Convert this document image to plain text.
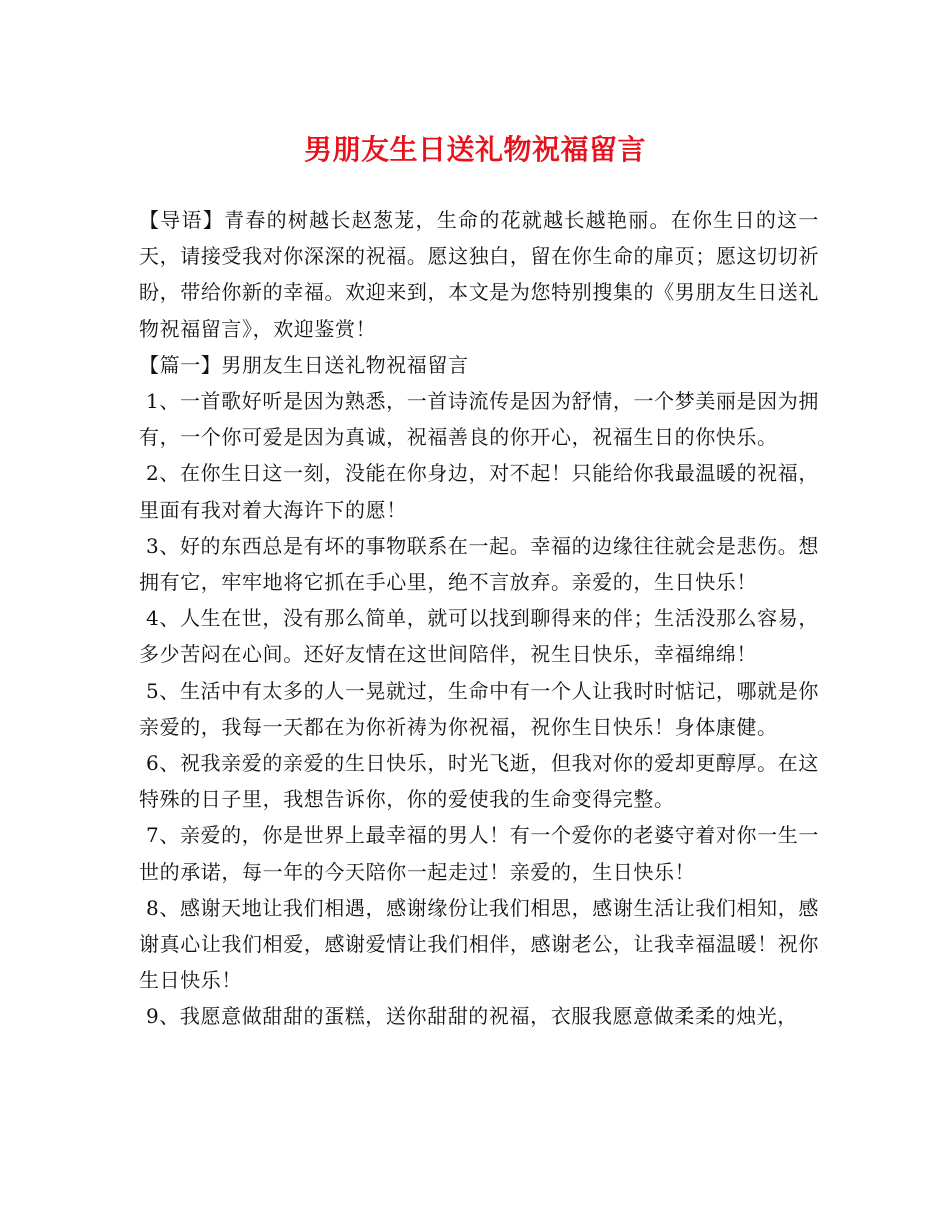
男朋友生日送礼物祝福留言

【导语】青春的树越长赵葱茏，生命的花就越长越艳丽。在你生日的这一天，请接受我对你深深的祝福。愿这独白，留在你生命的扉页；愿这切切祈盼，带给你新的幸福。欢迎来到，本文是为您特别搜集的《男朋友生日送礼物祝福留言》，欢迎鉴赏！

【篇一】男朋友生日送礼物祝福留言

1、一首歌好听是因为熟悉，一首诗流传是因为舒情，一个梦美丽是因为拥有，一个你可爱是因为真诚，祝福善良的你开心，祝福生日的你快乐。

2、在你生日这一刻，没能在你身边，对不起！只能给你我最温暖的祝福，里面有我对着大海许下的愿！

3、好的东西总是有坏的事物联系在一起。幸福的边缘往往就会是悲伤。想拥有它，牢牢地将它抓在手心里，绝不言放弃。亲爱的，生日快乐！

4、人生在世，没有那么简单，就可以找到聊得来的伴；生活没那么容易，多少苦闷在心间。还好友情在这世间陪伴，祝生日快乐，幸福绵绵！

5、生活中有太多的人一晃就过，生命中有一个人让我时时惦记，哪就是你亲爱的，我每一天都在为你祈祷为你祝福，祝你生日快乐！身体康健。

6、祝我亲爱的亲爱的生日快乐，时光飞逝，但我对你的爱却更醇厚。在这特殊的日子里，我想告诉你，你的爱使我的生命变得完整。

7、亲爱的，你是世界上最幸福的男人！有一个爱你的老婆守着对你一生一世的承诺，每一年的今天陪你一起走过！亲爱的，生日快乐！

8、感谢天地让我们相遇，感谢缘份让我们相思，感谢生活让我们相知，感谢真心让我们相爱，感谢爱情让我们相伴，感谢老公，让我幸福温暖！祝你生日快乐！

9、我愿意做甜甜的蛋糕，送你甜甜的祝福，衣服我愿意做柔柔的烛光，
